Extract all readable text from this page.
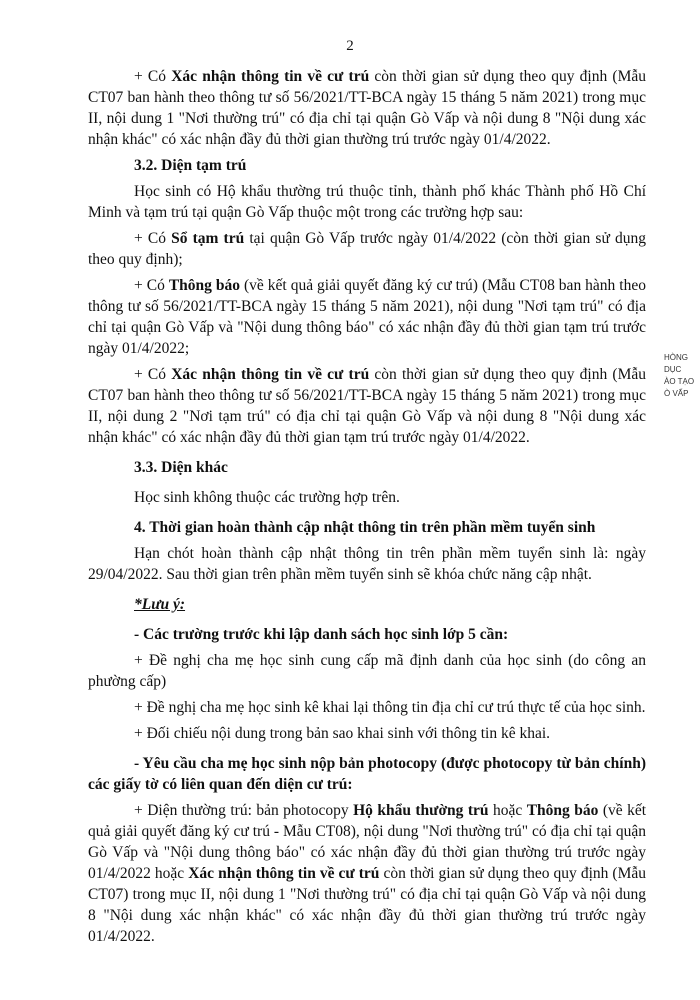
2

+ Có Xác nhận thông tin về cư trú còn thời gian sử dụng theo quy định (Mẫu CT07 ban hành theo thông tư số 56/2021/TT-BCA ngày 15 tháng 5 năm 2021) trong mục II, nội dung 1 "Nơi thường trú" có địa chỉ tại quận Gò Vấp và nội dung 8 "Nội dung xác nhận khác" có xác nhận đầy đủ thời gian thường trú trước ngày 01/4/2022.

3.2. Diện tạm trú

Học sinh có Hộ khẩu thường trú thuộc tỉnh, thành phố khác Thành phố Hồ Chí Minh và tạm trú tại quận Gò Vấp thuộc một trong các trường hợp sau:

+ Có Sổ tạm trú tại quận Gò Vấp trước ngày 01/4/2022 (còn thời gian sử dụng theo quy định);

+ Có Thông báo (về kết quả giải quyết đăng ký cư trú) (Mẫu CT08 ban hành theo thông tư số 56/2021/TT-BCA ngày 15 tháng 5 năm 2021), nội dung "Nơi tạm trú" có địa chỉ tại quận Gò Vấp và "Nội dung thông báo" có xác nhận đầy đủ thời gian tạm trú trước ngày 01/4/2022;

+ Có Xác nhận thông tin về cư trú còn thời gian sử dụng theo quy định (Mẫu CT07 ban hành theo thông tư số 56/2021/TT-BCA ngày 15 tháng 5 năm 2021) trong mục II, nội dung 2 "Nơi tạm trú" có địa chỉ tại quận Gò Vấp và nội dung 8 "Nội dung xác nhận khác" có xác nhận đầy đủ thời gian tạm trú trước ngày 01/4/2022.

3.3. Diện khác

Học sinh không thuộc các trường hợp trên.

4. Thời gian hoàn thành cập nhật thông tin trên phần mềm tuyển sinh

Hạn chót hoàn thành cập nhật thông tin trên phần mềm tuyển sinh là: ngày 29/04/2022. Sau thời gian trên phần mềm tuyển sinh sẽ khóa chức năng cập nhật.

*Lưu ý:

- Các trường trước khi lập danh sách học sinh lớp 5 cần:

+ Đề nghị cha mẹ học sinh cung cấp mã định danh của học sinh (do công an phường cấp)

+ Đề nghị cha mẹ học sinh kê khai lại thông tin địa chỉ cư trú thực tế của học sinh.

+ Đối chiếu nội dung trong bản sao khai sinh với thông tin kê khai.

- Yêu cầu cha mẹ học sinh nộp bản photocopy (được photocopy từ bản chính) các giấy tờ có liên quan đến diện cư trú:

+ Diện thường trú: bản photocopy Hộ khẩu thường trú hoặc Thông báo (về kết quả giải quyết đăng ký cư trú - Mẫu CT08), nội dung "Nơi thường trú" có địa chỉ tại quận Gò Vấp và "Nội dung thông báo" có xác nhận đầy đủ thời gian thường trú trước ngày 01/4/2022 hoặc Xác nhận thông tin về cư trú còn thời gian sử dụng theo quy định (Mẫu CT07) trong mục II, nội dung 1 "Nơi thường trú" có địa chỉ tại quận Gò Vấp và nội dung 8 "Nội dung xác nhận khác" có xác nhận đầy đủ thời gian thường trú trước ngày 01/4/2022.

HÒNG
DỤC
ÀO TẠO
Ò VẤP
